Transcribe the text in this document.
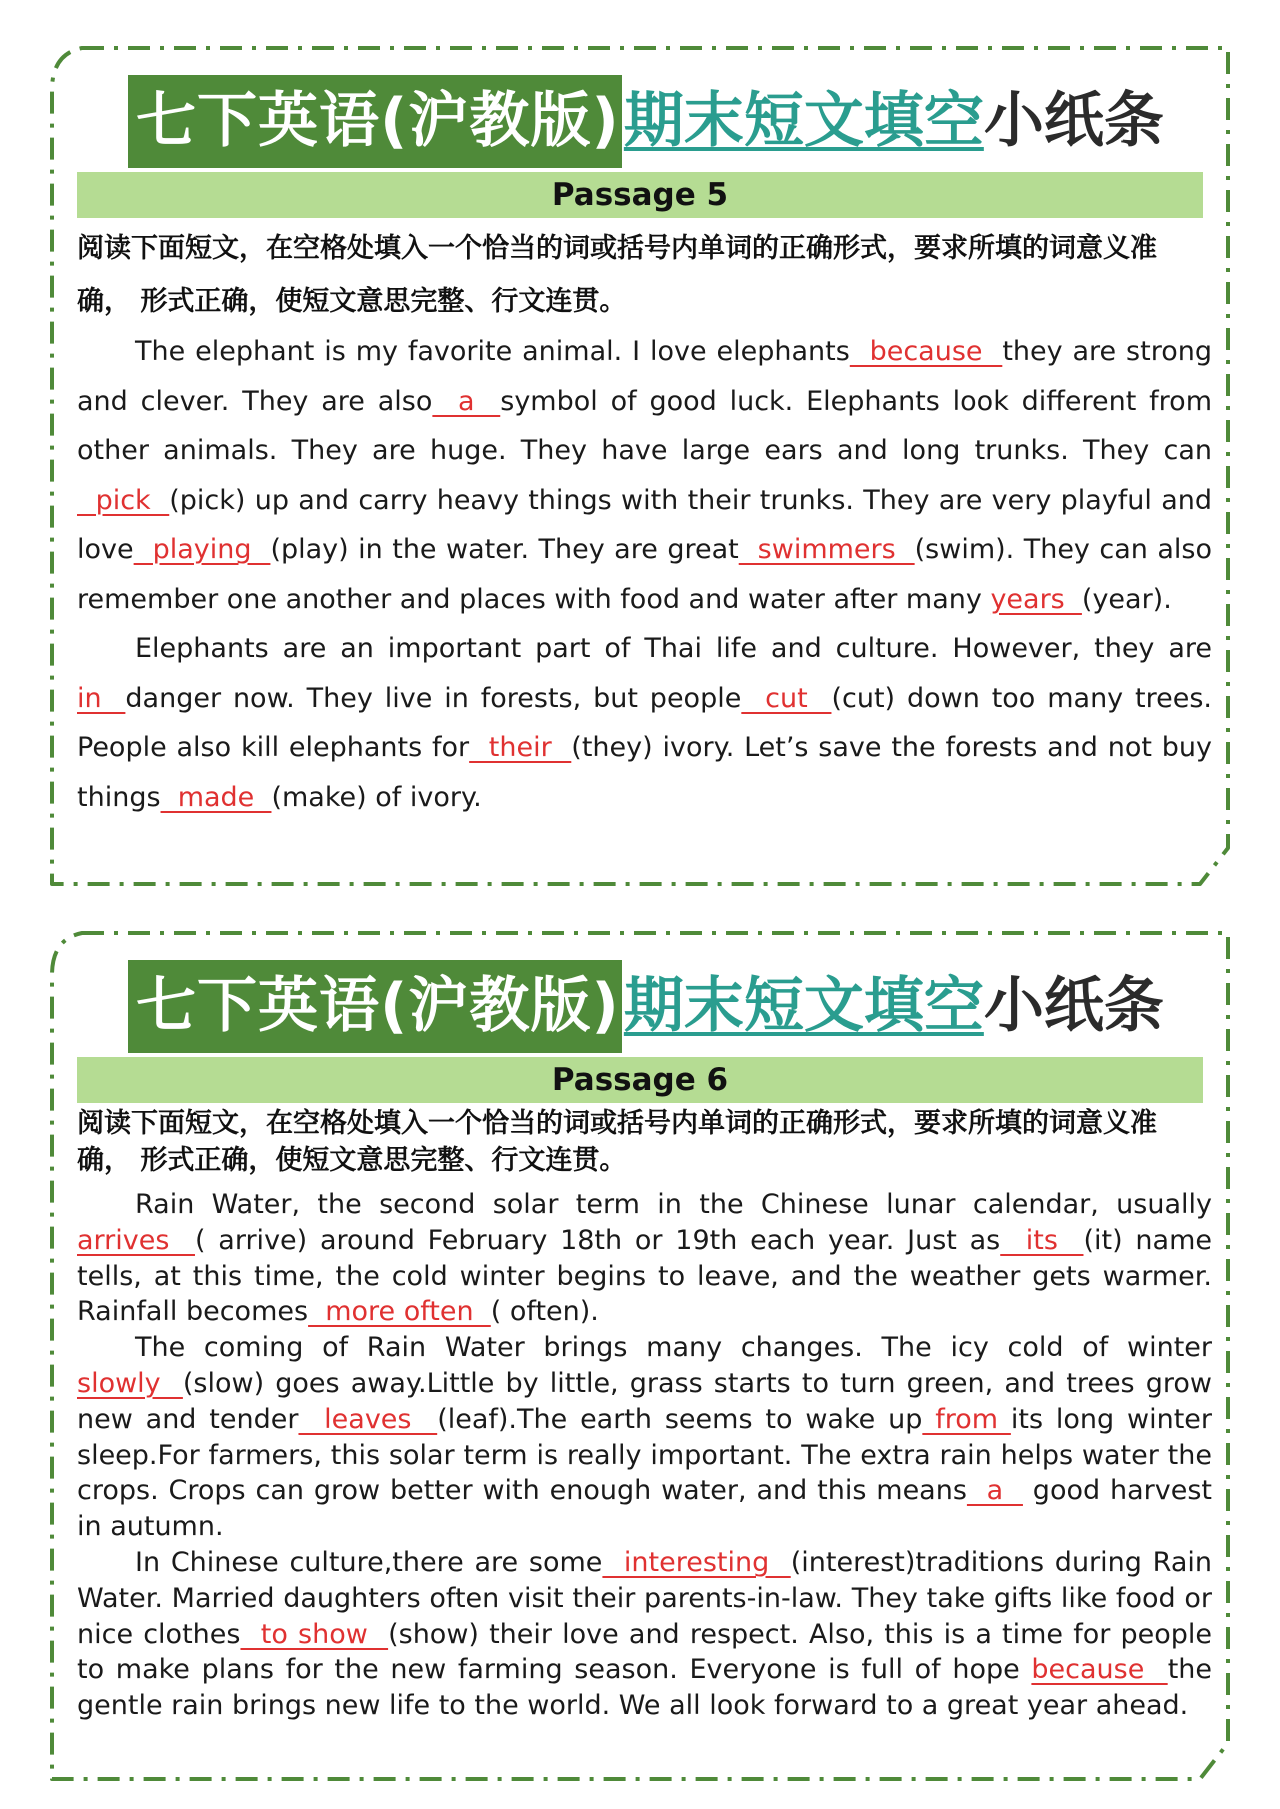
七下英语(沪教版) 期末短文填空 小纸条
Passage 5
阅读下面短文，在空格处填入一个恰当的词或括号内单词的正确形式，要求所填的词意义准确， 形式正确，使短文意思完整、行文连贯。

The elephant is my favorite animal. I love elephants  because  they are strong and clever. They are also  a  symbol of good luck. Elephants look different from other animals. They are huge. They have large ears and long trunks. They can  pick  (pick) up and carry heavy things with their trunks. They are very playful and love  playing  (play) in the water. They are great  swimmers  (swim). They can also remember one another and places with food and water after many years  (year).

Elephants are an important part of Thai life and culture. However, they are in  danger now. They live in forests, but people  cut  (cut) down too many trees. People also kill elephants for  their  (they) ivory. Let’s save the forests and not buy things  made  (make) of ivory.

七下英语(沪教版) 期末短文填空 小纸条
Passage 6
阅读下面短文，在空格处填入一个恰当的词或括号内单词的正确形式，要求所填的词意义准确， 形式正确，使短文意思完整、行文连贯。

Rain Water, the second solar term in the Chinese lunar calendar, usually arrives  ( arrive) around February 18th or 19th each year. Just as  its  (it) name tells, at this time, the cold winter begins to leave, and the weather gets warmer. Rainfall becomes  more often  ( often).

The coming of Rain Water brings many changes. The icy cold of winter slowly  (slow) goes away.Little by little, grass starts to turn green, and trees grow new and tender  leaves  (leaf).The earth seems to wake up from its long winter sleep.For farmers, this solar term is really important. The extra rain helps water the crops. Crops can grow better with enough water, and this means  a   good harvest in autumn.

In Chinese culture,there are some  interesting  (interest)traditions during Rain Water. Married daughters often visit their parents-in-law. They take gifts like food or nice clothes  to show  (show) their love and respect. Also, this is a time for people to make plans for the new farming season. Everyone is full of hope because  the gentle rain brings new life to the world. We all look forward to a great year ahead.
